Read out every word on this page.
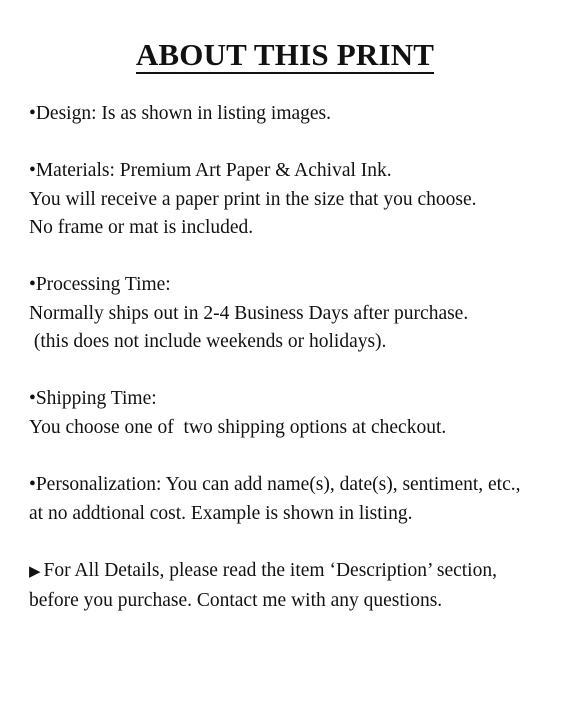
ABOUT THIS PRINT
•Design: Is as shown in listing images.
•Materials: Premium Art Paper & Achival Ink.
You will receive a paper print in the size that you choose.
No frame or mat is included.
•Processing Time:
Normally ships out in 2-4 Business Days after purchase.
(this does not include weekends or holidays).
•Shipping Time:
You choose one of  two shipping options at checkout.
•Personalization: You can add name(s), date(s), sentiment, etc.,
at no addtional cost. Example is shown in listing.
▶ For All Details, please read the item ‘Description’ section,
before you purchase. Contact me with any questions.
